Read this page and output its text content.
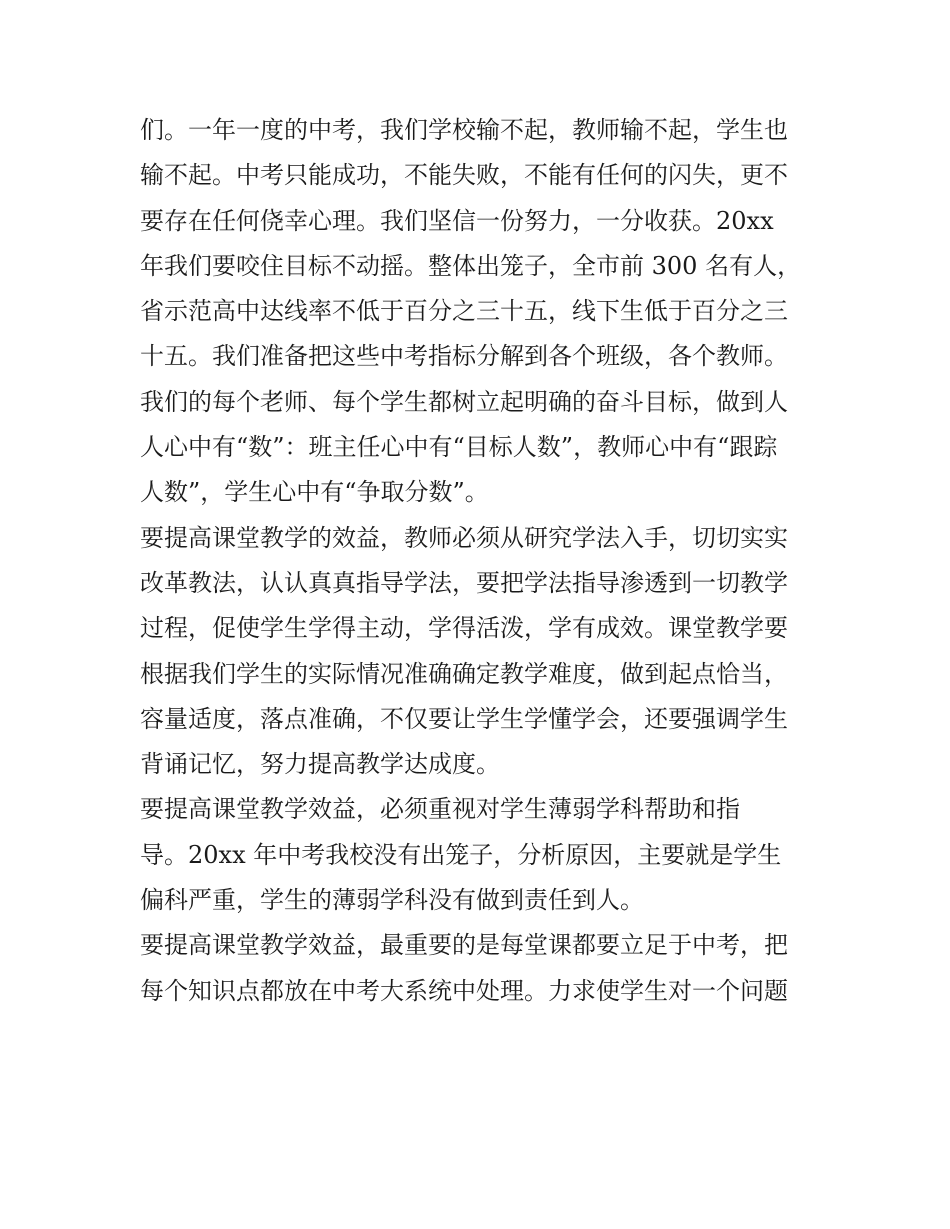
们。一年一度的中考，我们学校输不起，教师输不起，学生也
输不起。中考只能成功，不能失败，不能有任何的闪失，更不
要存在任何侥幸心理。我们坚信一份努力，一分收获。20xx
年我们要咬住目标不动摇。整体出笼子，全市前 300 名有人，
省示范高中达线率不低于百分之三十五，线下生低于百分之三
十五。我们准备把这些中考指标分解到各个班级，各个教师。
我们的每个老师、每个学生都树立起明确的奋斗目标，做到人
人心中有“数”：班主任心中有“目标人数”，教师心中有“跟踪
人数”，学生心中有“争取分数”。
要提高课堂教学的效益，教师必须从研究学法入手，切切实实
改革教法，认认真真指导学法，要把学法指导渗透到一切教学
过程，促使学生学得主动，学得活泼，学有成效。课堂教学要
根据我们学生的实际情况准确确定教学难度，做到起点恰当，
容量适度，落点准确，不仅要让学生学懂学会，还要强调学生
背诵记忆，努力提高教学达成度。
要提高课堂教学效益，必须重视对学生薄弱学科帮助和指
导。20xx 年中考我校没有出笼子，分析原因，主要就是学生
偏科严重，学生的薄弱学科没有做到责任到人。
要提高课堂教学效益，最重要的是每堂课都要立足于中考，把
每个知识点都放在中考大系统中处理。力求使学生对一个问题
